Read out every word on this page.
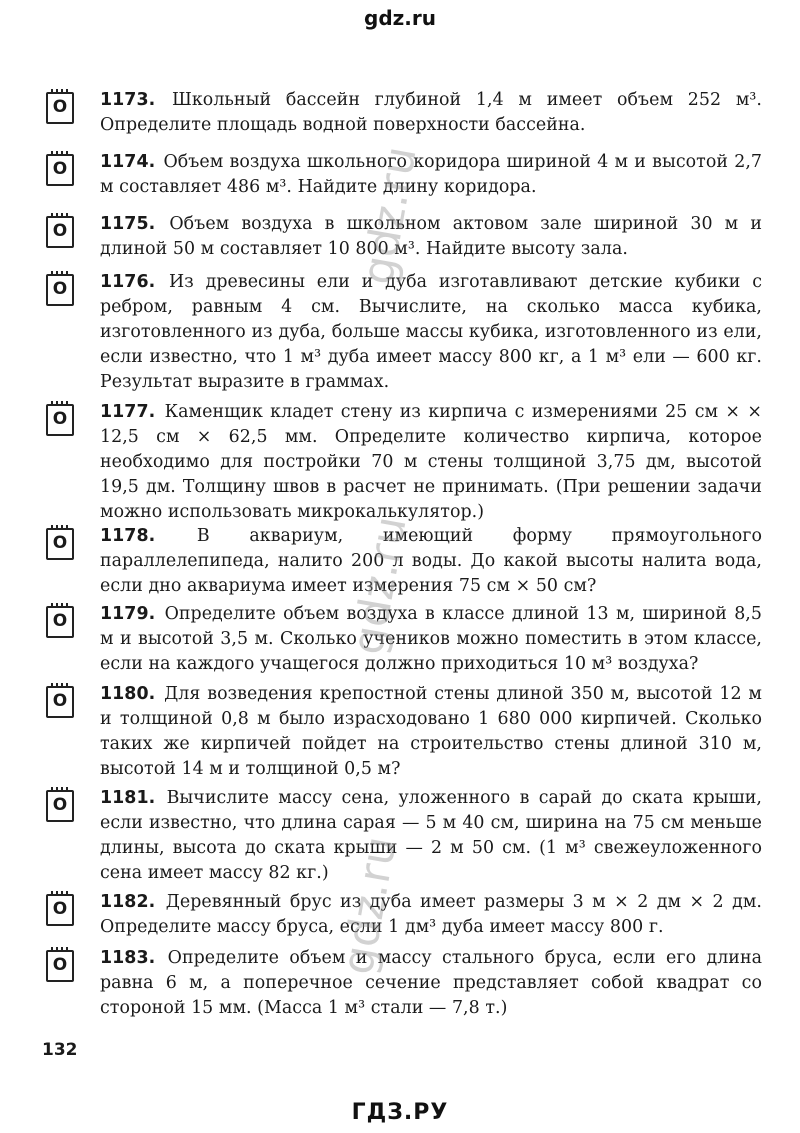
gdz.ru
O 1173. Школьный бассейн глубиной 1,4 м имеет объем 252 м³. Определите площадь водной поверхности бассейна.
O 1174. Объем воздуха школьного коридора шириной 4 м и высотой 2,7 м составляет 486 м³. Найдите длину коридора.
O 1175. Объем воздуха в школьном актовом зале шириной 30 м и длиной 50 м составляет 10 800 м³. Найдите высоту зала.
O 1176. Из древесины ели и дуба изготавливают детские кубики с ребром, равным 4 см. Вычислите, на сколько масса кубика, изготовленного из дуба, больше массы кубика, изготовленного из ели, если известно, что 1 м³ дуба имеет массу 800 кг, а 1 м³ ели — 600 кг. Результат выразите в граммах.
O 1177. Каменщик кладет стену из кирпича с измерениями 25 см × × 12,5 см × 62,5 мм. Определите количество кирпича, которое необходимо для постройки 70 м стены толщиной 3,75 дм, высотой 19,5 дм. Толщину швов в расчет не принимать. (При решении задачи можно использовать микрокалькулятор.)
O 1178. В аквариум, имеющий форму прямоугольного параллелепипеда, налито 200 л воды. До какой высоты налита вода, если дно аквариума имеет измерения 75 см × 50 см?
O 1179. Определите объем воздуха в классе длиной 13 м, шириной 8,5 м и высотой 3,5 м. Сколько учеников можно поместить в этом классе, если на каждого учащегося должно приходиться 10 м³ воздуха?
O 1180. Для возведения крепостной стены длиной 350 м, высотой 12 м и толщиной 0,8 м было израсходовано 1 680 000 кирпичей. Сколько таких же кирпичей пойдет на строительство стены длиной 310 м, высотой 14 м и толщиной 0,5 м?
O 1181. Вычислите массу сена, уложенного в сарай до ската крыши, если известно, что длина сарая — 5 м 40 см, ширина на 75 см меньше длины, высота до ската крыши — 2 м 50 см. (1 м³ свежеуложенного сена имеет массу 82 кг.)
O 1182. Деревянный брус из дуба имеет размеры 3 м × 2 дм × 2 дм. Определите массу бруса, если 1 дм³ дуба имеет массу 800 г.
O 1183. Определите объем и массу стального бруса, если его длина равна 6 м, а поперечное сечение представляет собой квадрат со стороной 15 мм. (Масса 1 м³ стали — 7,8 т.)
132
gdz.ru
gdz.ru
gdz.ru
ГДЗ.РУ
